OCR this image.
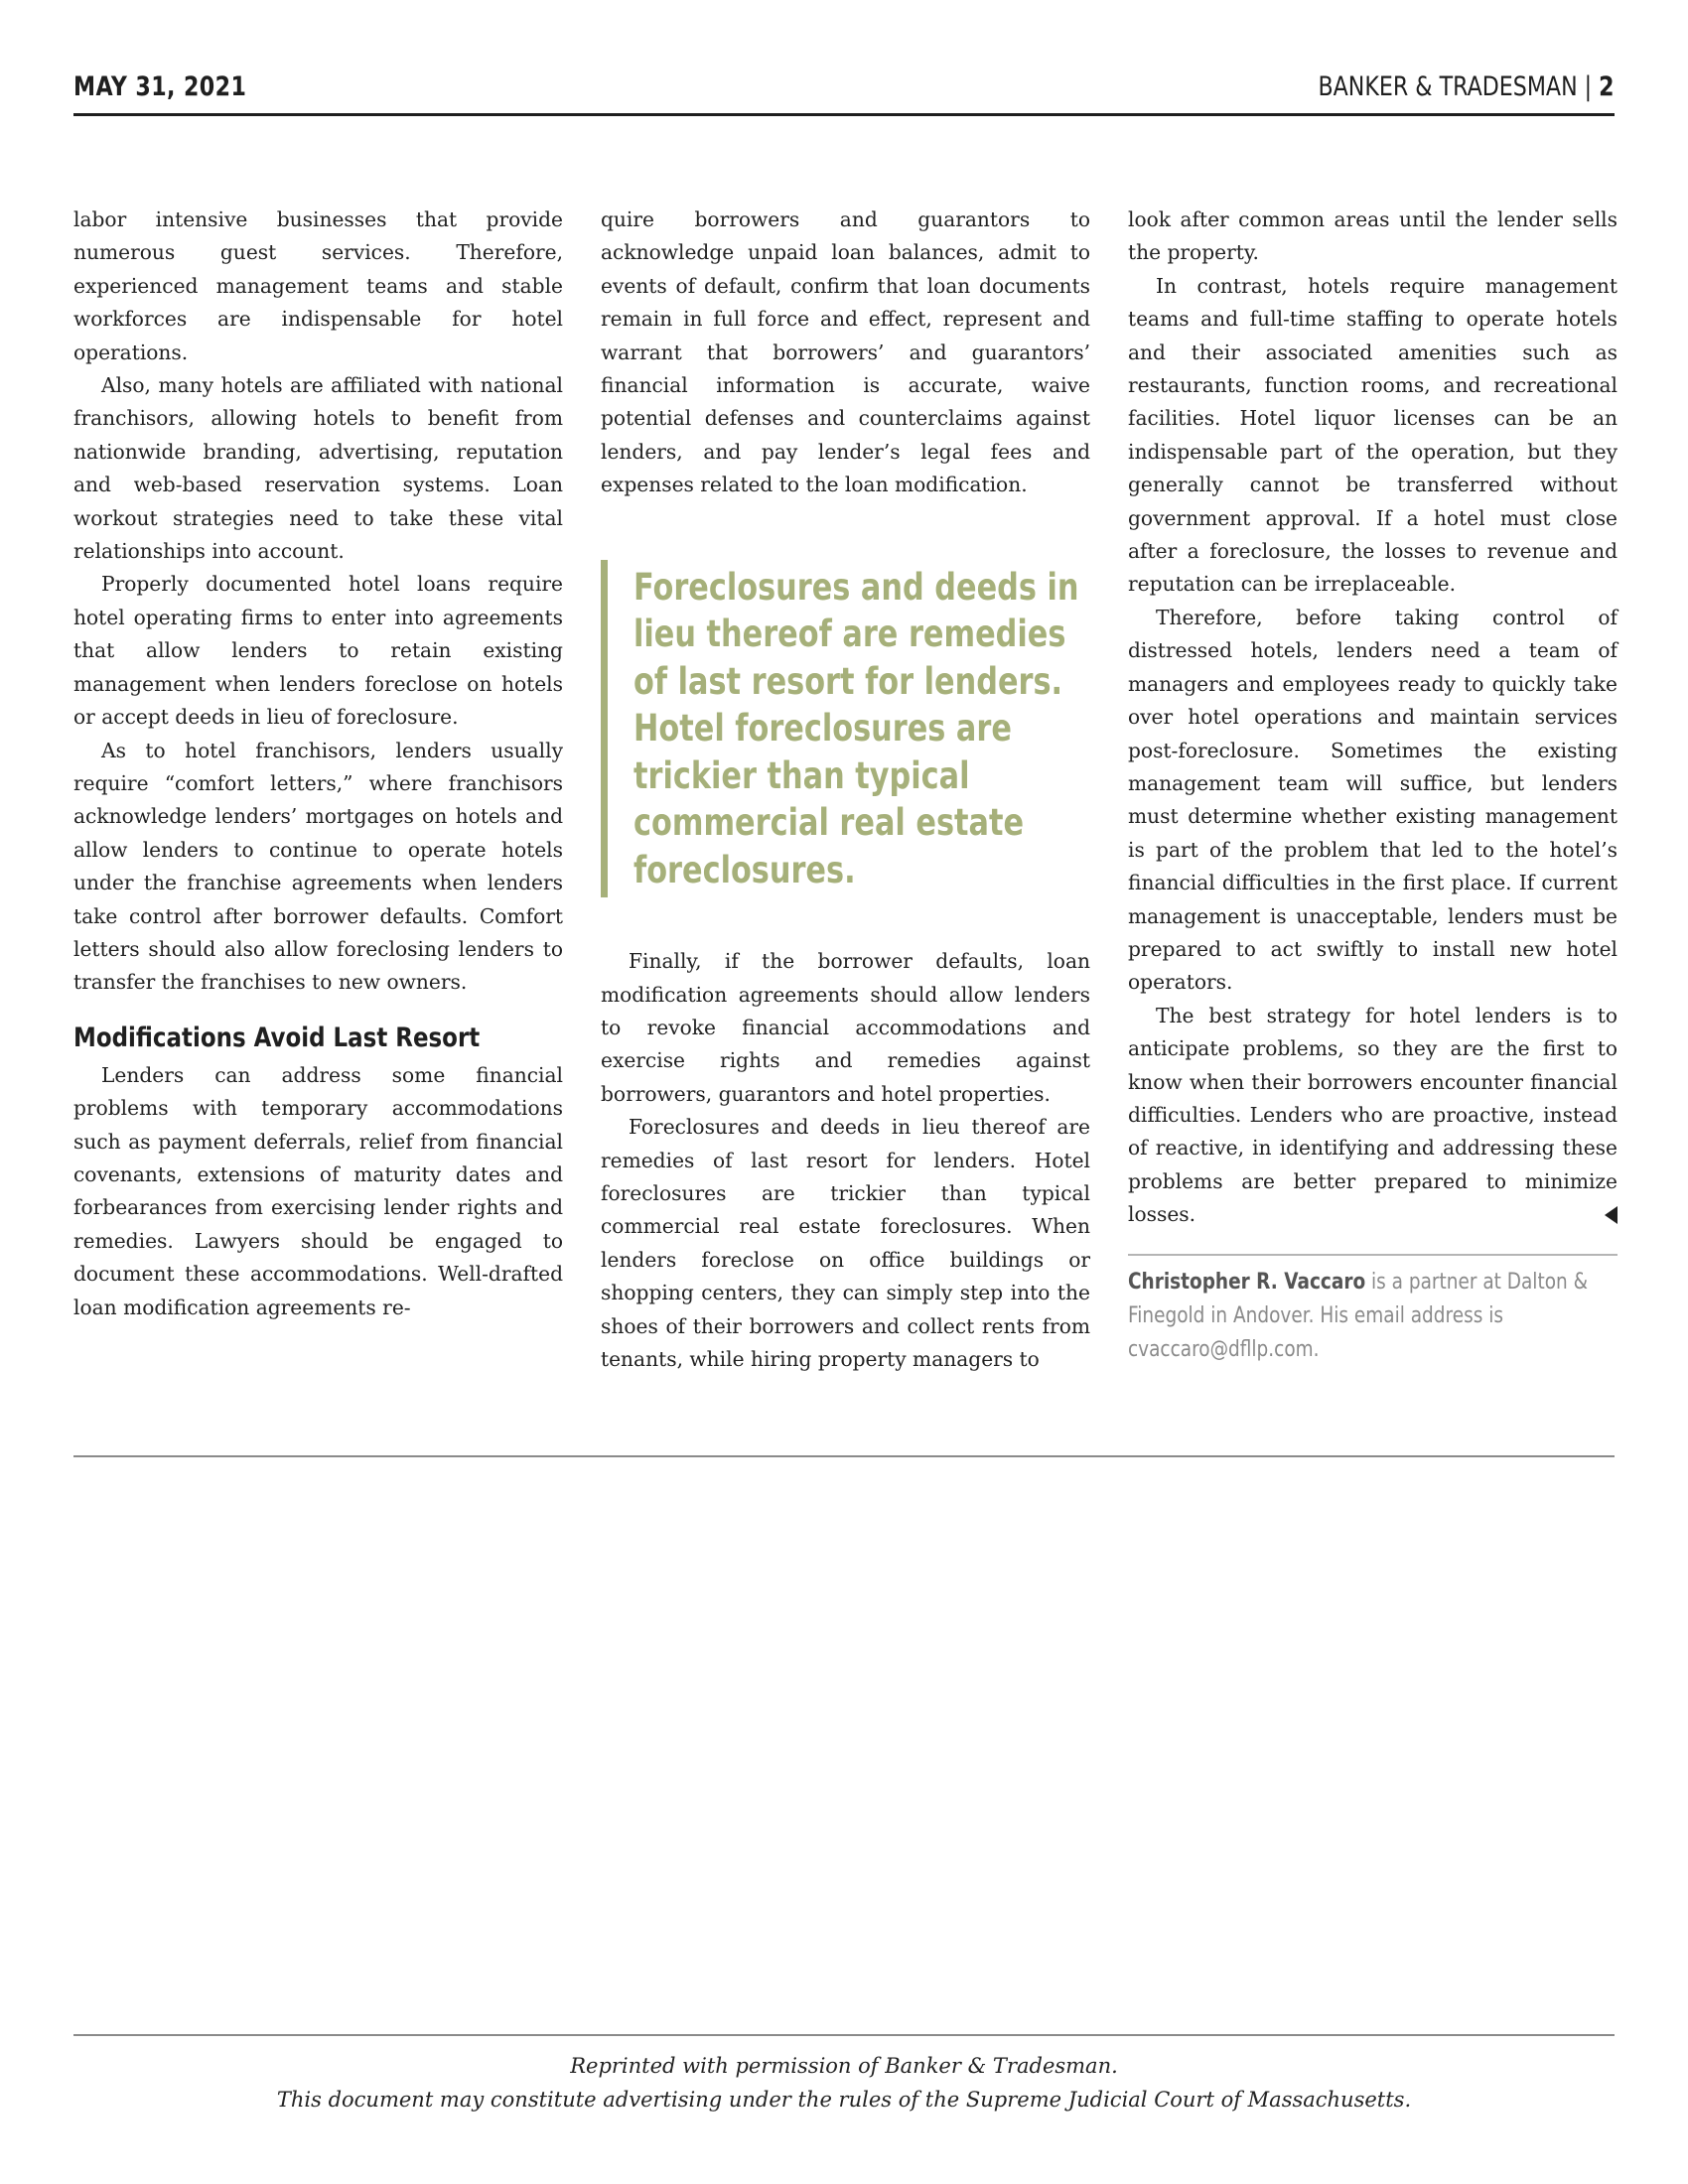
MAY 31, 2021	BANKER & TRADESMAN | 2

labor intensive businesses that provide numerous guest services. Therefore, experienced management teams and stable workforces are indispensable for hotel operations.

Also, many hotels are affiliated with national franchisors, allowing hotels to benefit from nationwide branding, advertising, reputation and web-based reservation systems. Loan workout strategies need to take these vital relationships into account.

Properly documented hotel loans require hotel operating firms to enter into agreements that allow lenders to retain existing management when lenders foreclose on hotels or accept deeds in lieu of foreclosure.

As to hotel franchisors, lenders usually require “comfort letters,” where franchisors acknowledge lenders’ mortgages on hotels and allow lenders to continue to operate hotels under the franchise agreements when lenders take control after borrower defaults. Comfort letters should also allow foreclosing lenders to transfer the franchises to new owners.

Modifications Avoid Last Resort

Lenders can address some financial problems with temporary accommodations such as payment deferrals, relief from financial covenants, extensions of maturity dates and forbearances from exercising lender rights and remedies. Lawyers should be engaged to document these accommodations. Well-drafted loan modification agreements re-

quire borrowers and guarantors to acknowledge unpaid loan balances, admit to events of default, confirm that loan documents remain in full force and effect, represent and warrant that borrowers’ and guarantors’ financial information is accurate, waive potential defenses and counterclaims against lenders, and pay lender’s legal fees and expenses related to the loan modification.

Foreclosures and deeds in lieu thereof are remedies of last resort for lenders. Hotel foreclosures are trickier than typical commercial real estate foreclosures.

Finally, if the borrower defaults, loan modification agreements should allow lenders to revoke financial accommodations and exercise rights and remedies against borrowers, guarantors and hotel properties.

Foreclosures and deeds in lieu thereof are remedies of last resort for lenders. Hotel foreclosures are trickier than typical commercial real estate foreclosures. When lenders foreclose on office buildings or shopping centers, they can simply step into the shoes of their borrowers and collect rents from tenants, while hiring property managers to

look after common areas until the lender sells the property.

In contrast, hotels require management teams and full-time staffing to operate hotels and their associated amenities such as restaurants, function rooms, and recreational facilities. Hotel liquor licenses can be an indispensable part of the operation, but they generally cannot be transferred without government approval. If a hotel must close after a foreclosure, the losses to revenue and reputation can be irreplaceable.

Therefore, before taking control of distressed hotels, lenders need a team of managers and employees ready to quickly take over hotel operations and maintain services post-foreclosure. Sometimes the existing management team will suffice, but lenders must determine whether existing management is part of the problem that led to the hotel’s financial difficulties in the first place. If current management is unacceptable, lenders must be prepared to act swiftly to install new hotel operators.

The best strategy for hotel lenders is to anticipate problems, so they are the first to know when their borrowers encounter financial difficulties. Lenders who are proactive, instead of reactive, in identifying and addressing these problems are better prepared to minimize losses.

Christopher R. Vaccaro is a partner at Dalton & Finegold in Andover. His email address is cvaccaro@dfllp.com.
Reprinted with permission of Banker & Tradesman.
This document may constitute advertising under the rules of the Supreme Judicial Court of Massachusetts.
